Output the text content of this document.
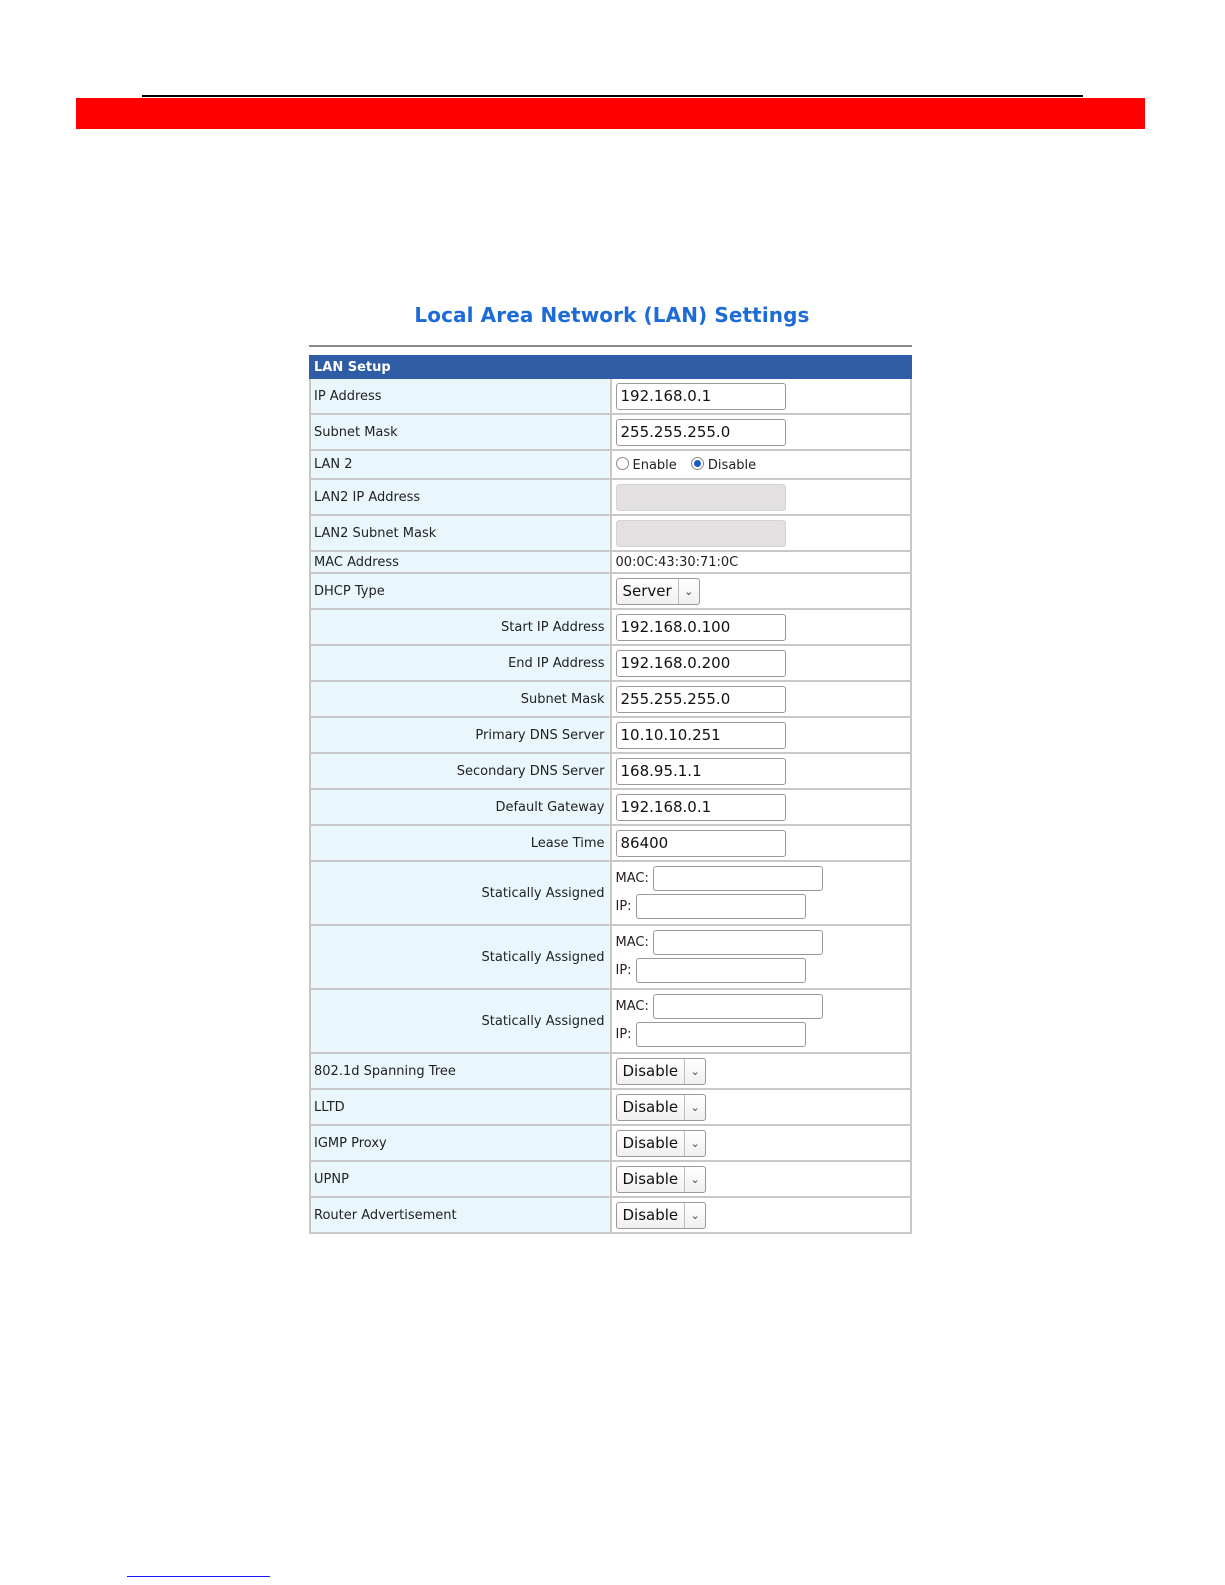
Local Area Network (LAN) Settings
LAN Setup	
IP Address	192.168.0.1
Subnet Mask	255.255.255.0
LAN 2	Enable Disable
LAN2 IP Address	
LAN2 Subnet Mask	
MAC Address	00:0C:43:30:71:0C
DHCP Type	Server ⌄

Start IP Address	192.168.0.100
End IP Address	192.168.0.200
Subnet Mask	255.255.255.0
Primary DNS Server	10.10.10.251
Secondary DNS Server	168.95.1.1
Default Gateway	192.168.0.1
Lease Time	86400
Statically Assigned	MAC:
IP:

Statically Assigned	MAC:
IP:

Statically Assigned	MAC:
IP:

802.1d Spanning Tree	Disable ⌄

LLTD	Disable ⌄

IGMP Proxy	Disable ⌄

UPNP	Disable ⌄

Router Advertisement	Disable ⌄
